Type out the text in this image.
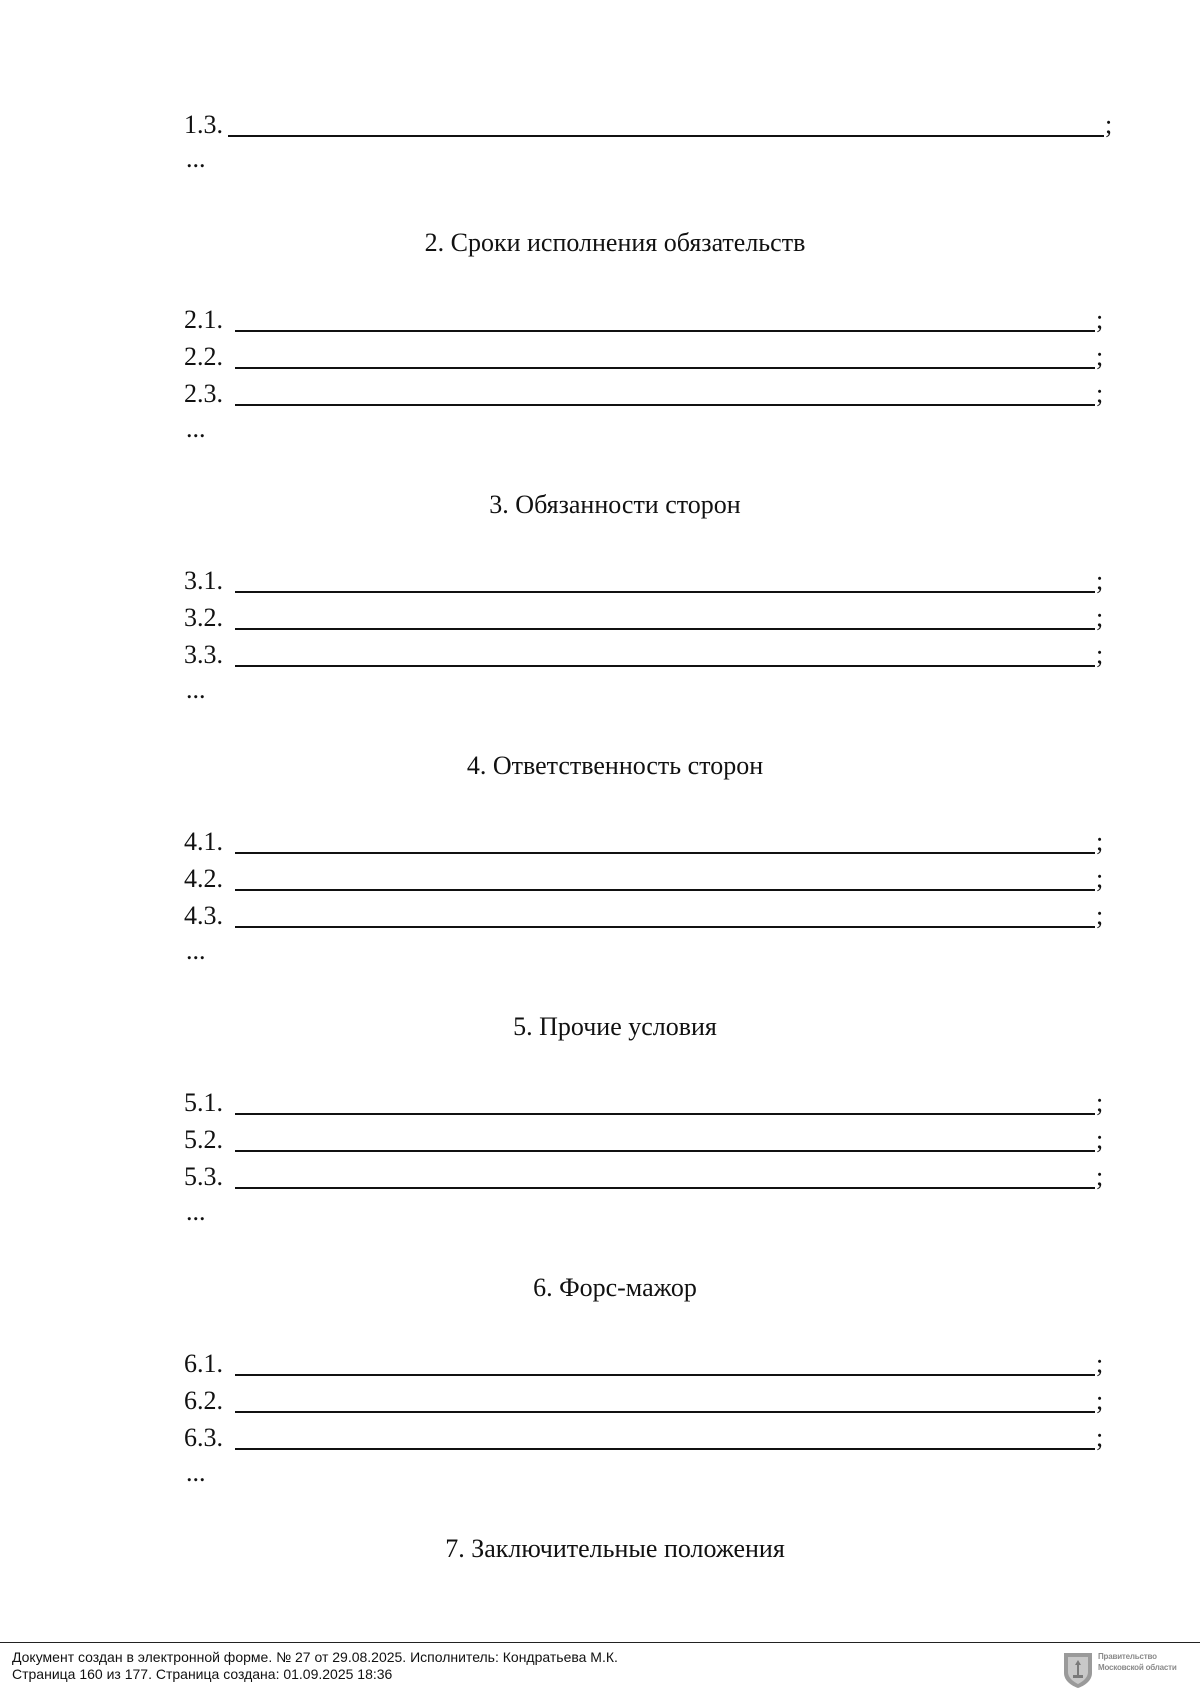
1.3.	;
...
2. Сроки исполнения обязательств
2.1.	;
2.2.	;
2.3.	;
...
3. Обязанности сторон
3.1.	;
3.2.	;
3.3.	;
...
4. Ответственность сторон
4.1.	;
4.2.	;
4.3.	;
...
5. Прочие условия
5.1.	;
5.2.	;
5.3.	;
...
6. Форс-мажор
6.1.	;
6.2.	;
6.3.	;
...
7. Заключительные положения
Документ создан в электронной форме. № 27 от 29.08.2025. Исполнитель: Кондратьева М.К.
Страница 160 из 177. Страница создана: 01.09.2025 18:36
Правительство
Московской области
